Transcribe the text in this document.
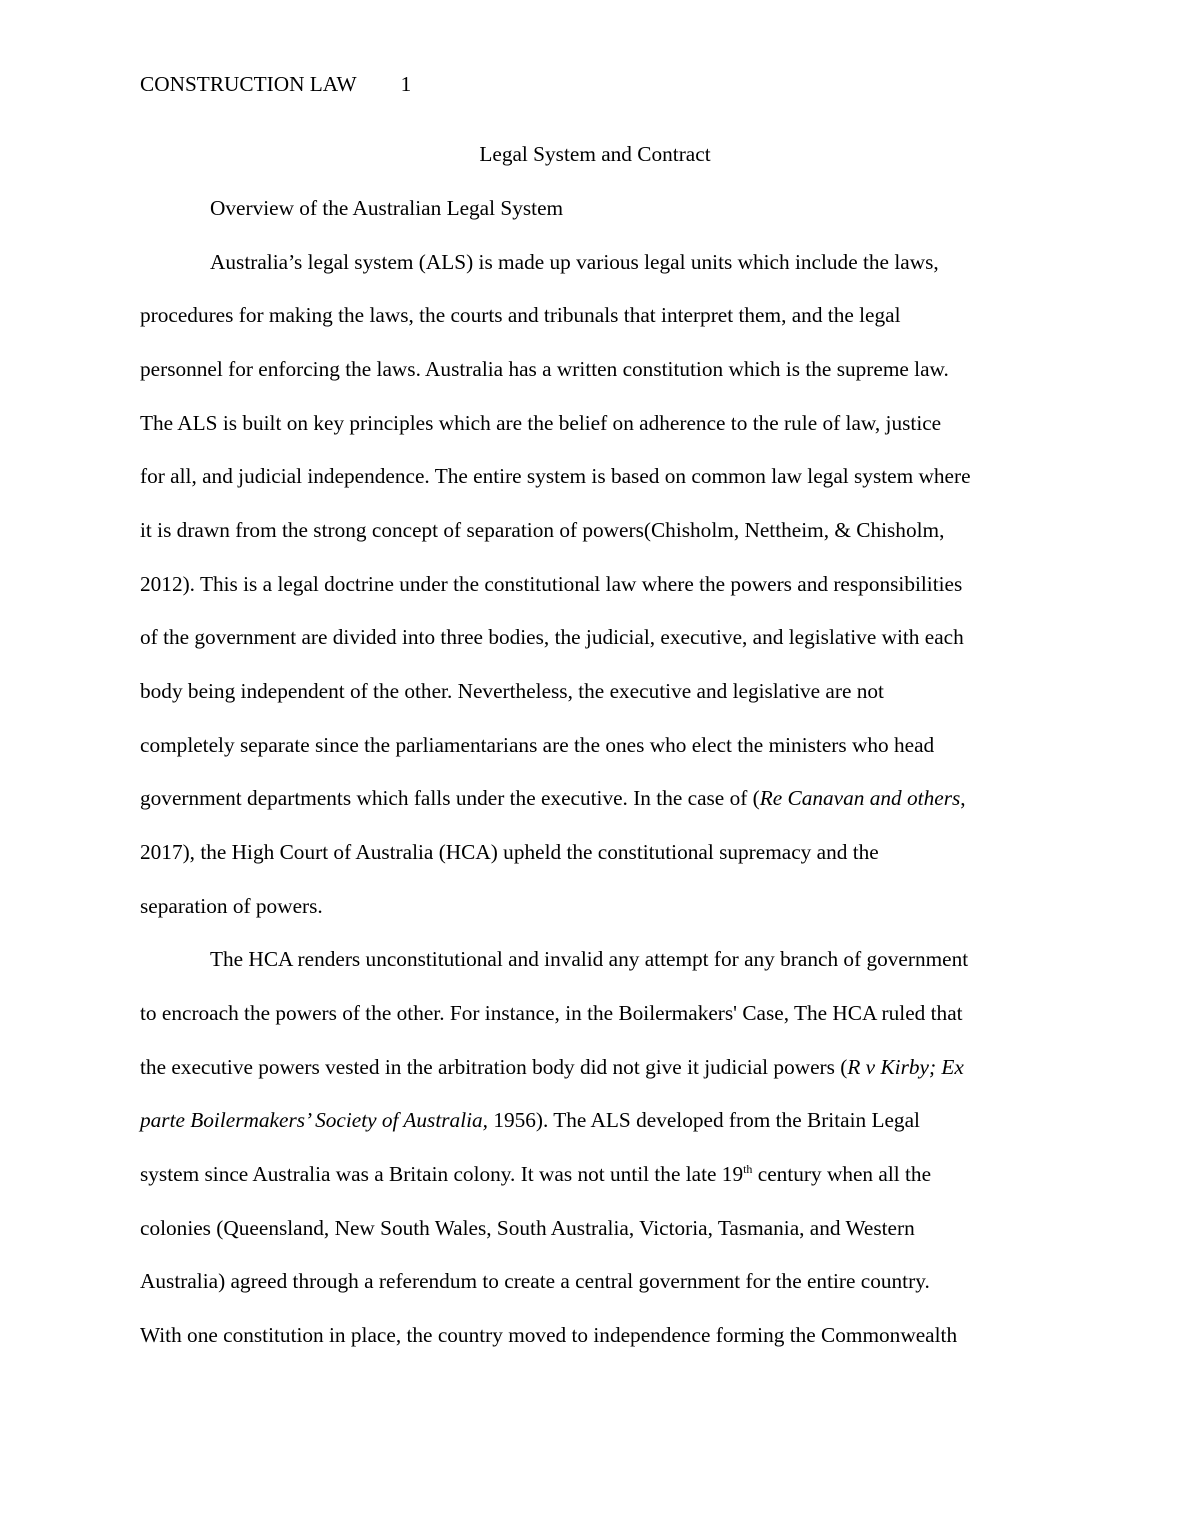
CONSTRUCTION LAW 1
Legal System and Contract
Overview of the Australian Legal System
Australia’s legal system (ALS) is made up various legal units which include the laws,
procedures for making the laws, the courts and tribunals that interpret them, and the legal
personnel for enforcing the laws. Australia has a written constitution which is the supreme law.
The ALS is built on key principles which are the belief on adherence to the rule of law, justice
for all, and judicial independence. The entire system is based on common law legal system where
it is drawn from the strong concept of separation of powers(Chisholm, Nettheim, & Chisholm,
2012). This is a legal doctrine under the constitutional law where the powers and responsibilities
of the government are divided into three bodies, the judicial, executive, and legislative with each
body being independent of the other. Nevertheless, the executive and legislative are not
completely separate since the parliamentarians are the ones who elect the ministers who head
government departments which falls under the executive. In the case of (Re Canavan and others,
2017), the High Court of Australia (HCA) upheld the constitutional supremacy and the
separation of powers.
The HCA renders unconstitutional and invalid any attempt for any branch of government
to encroach the powers of the other. For instance, in the Boilermakers' Case, The HCA ruled that
the executive powers vested in the arbitration body did not give it judicial powers (R v Kirby; Ex
parte Boilermakers’ Society of Australia, 1956). The ALS developed from the Britain Legal
system since Australia was a Britain colony. It was not until the late 19th century when all the
colonies (Queensland, New South Wales, South Australia, Victoria, Tasmania, and Western
Australia) agreed through a referendum to create a central government for the entire country.
With one constitution in place, the country moved to independence forming the Commonwealth
